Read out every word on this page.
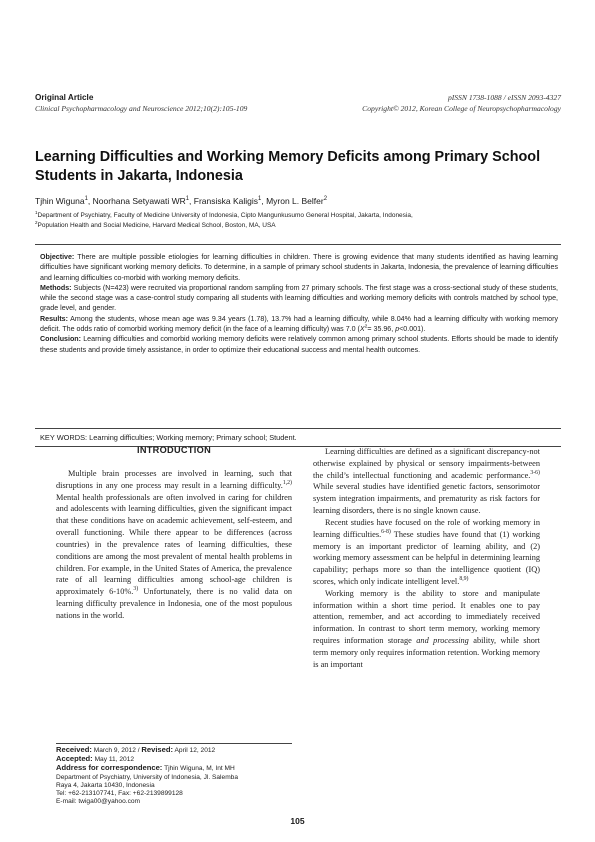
Original Article
Clinical Psychopharmacology and Neuroscience 2012;10(2):105-109
pISSN 1738-1088 / eISSN 2093-4327
Copyright© 2012, Korean College of Neuropsychopharmacology
Learning Difficulties and Working Memory Deficits among Primary School Students in Jakarta, Indonesia
Tjhin Wiguna$^1$, Noorhana Setyawati $WR^1$, Fransiska Kaligis$^1$, Myron L. Belfer$^2$
$^1$Department of Psychiatry, Faculty of Medicine University of Indonesia, Cipto Mangunkusumo General Hospital, Jakarta, Indonesia,
$^2$Population Health and Social Medicine, Harvard Medical School, Boston, MA, USA

Objective: There are multiple possible etiologies for learning difficulties in children. There is growing evidence that many students identified as having learning difficulties have significant working memory deficits. To determine, in a sample of primary school students in Jakarta, Indonesia, the prevalence of learning difficulties and learning difficulties co-morbid with working memory deficits.

Methods: Subjects (N=423) were recruited via proportional random sampling from 27 primary schools. The first stage was a cross-sectional study of these students, while the second stage was a case-control study comparing all students with learning difficulties and working memory deficits with controls matched by school type, grade level, and gender.

Results: Among the students, whose mean age was 9.34 years (1.78), 13.7% had a learning difficulty, while 8.04% had a learning difficulty with working memory deficit. The odds ratio of comorbid working memory deficit (in the face of a learning difficulty) was 7.0 ($X^2= 35.96$, p<0.001).

Conclusion: Learning difficulties and comorbid working memory deficits were relatively common among primary school students. Efforts should be made to identify these students and provide timely assistance, in order to optimize their educational success and mental health outcomes.

KEY WORDS: Learning difficulties; Working memory; Primary school; Student.
INTRODUCTION

Multiple brain processes are involved in learning, such that disruptions in any one process may result in a learning difficulty.$^{1,2)}$ Mental health professionals are often involved in caring for children and adolescents with learning difficulties, given the significant impact that these conditions have on academic achievement, self-esteem, and overall functioning. While there appear to be differences (across countries) in the prevalence rates of learning difficulties, these conditions are among the most prevalent of mental health problems in children. For example, in the United States of America, the prevalence rate of all learning difficulties among school-age children is approximately 6-10%.$^{3)}$ Unfortunately, there is no valid data on learning difficulty prevalence in Indonesia, one of the most populous nations in the world.

Learning difficulties are defined as a significant discrepancy-not otherwise explained by physical or sensory impairments-between the child’s intellectual functioning and academic performance.$^{3-6)}$ While several studies have identified genetic factors, sensorimotor system integration impairments, and prematurity as risk factors for learning disorders, there is no single known cause.

Recent studies have focused on the role of working memory in learning difficulties.$^{6-8)}$ These studies have found that (1) working memory is an important predictor of learning ability, and (2) working memory assessment can be helpful in determining learning capability; perhaps more so than the intelligence quotient (IQ) scores, which only indicate intelligent level.$^{8,9)}$

Working memory is the ability to store and manipulate information within a short time period. It enables one to pay attention, remember, and act according to immediately received information. In contrast to short term memory, working memory requires information storage and processing ability, while short term memory only requires information retention. Working memory is an important

Received: March 9, 2012 / Revised: April 12, 2012
Accepted: May 11, 2012
Address for correspondence: Tjhin Wiguna, M, Int MH
Department of Psychiatry, University of Indonesia, Jl. Salemba
Raya 4, Jakarta 10430, Indonesia
Tel: +62-213107741, Fax: +62-2139899128
E-mail: twiga00@yahoo.com
105
